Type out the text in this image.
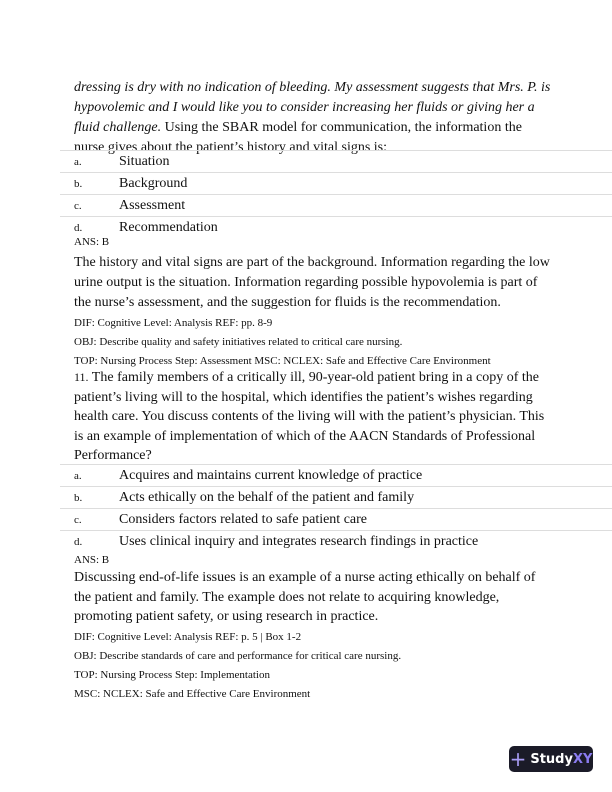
dressing is dry with no indication of bleeding. My assessment suggests that Mrs. P. is hypovolemic and I would like you to consider increasing her fluids or giving her a fluid challenge. Using the SBAR model for communication, the information the nurse gives about the patient’s history and vital signs is:
a.	Situation
b.	Background
c.	Assessment
d.	Recommendation
ANS: B
The history and vital signs are part of the background. Information regarding the low urine output is the situation. Information regarding possible hypovolemia is part of the nurse’s assessment, and the suggestion for fluids is the recommendation.
DIF: Cognitive Level: Analysis REF: pp. 8-9
OBJ: Describe quality and safety initiatives related to critical care nursing.
TOP: Nursing Process Step: Assessment MSC: NCLEX: Safe and Effective Care Environment
11. The family members of a critically ill, 90-year-old patient bring in a copy of the patient’s living will to the hospital, which identifies the patient’s wishes regarding health care. You discuss contents of the living will with the patient’s physician. This is an example of implementation of which of the AACN Standards of Professional Performance?
a.	Acquires and maintains current knowledge of practice
b.	Acts ethically on the behalf of the patient and family
c.	Considers factors related to safe patient care
d.	Uses clinical inquiry and integrates research findings in practice
ANS: B
Discussing end-of-life issues is an example of a nurse acting ethically on behalf of the patient and family. The example does not relate to acquiring knowledge, promoting patient safety, or using research in practice.
DIF: Cognitive Level: Analysis REF: p. 5 | Box 1-2
OBJ: Describe standards of care and performance for critical care nursing.
TOP: Nursing Process Step: Implementation
MSC: NCLEX: Safe and Effective Care Environment
+ StudyXY
